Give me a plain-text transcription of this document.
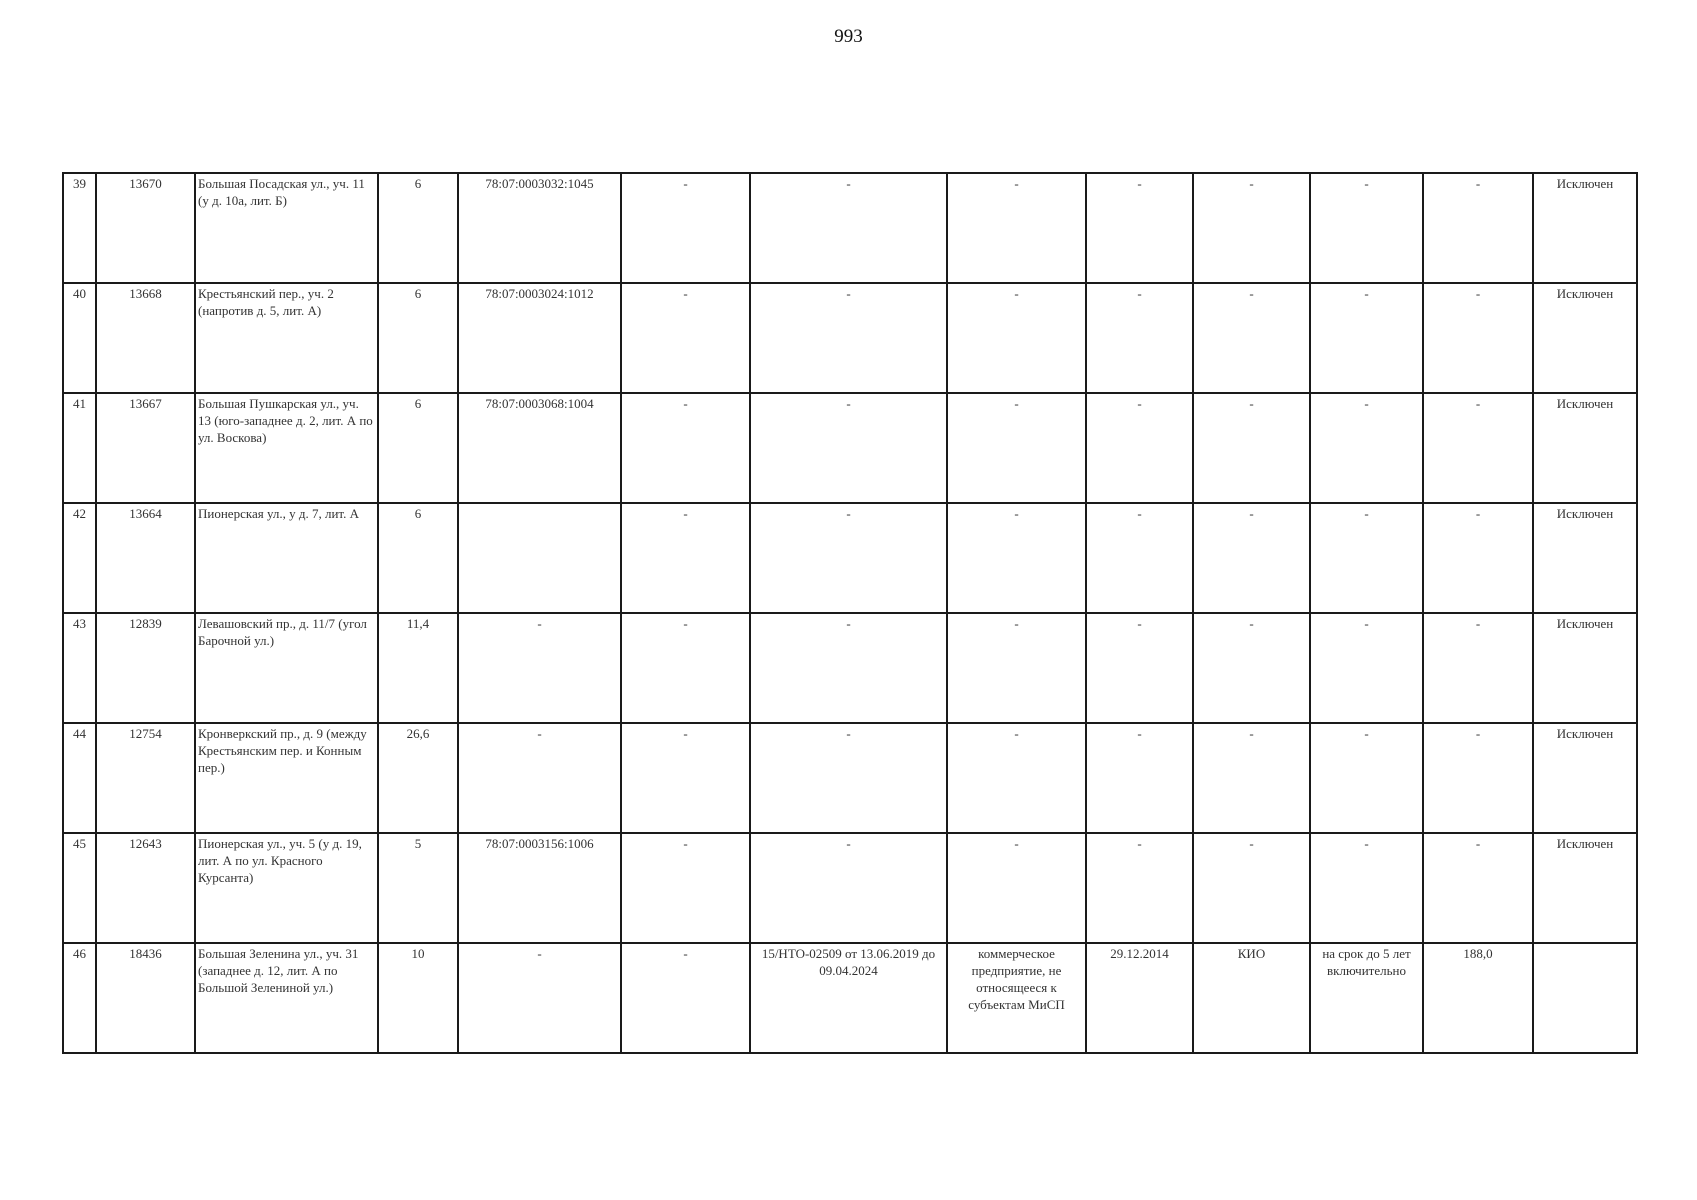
993
39	13670	Большая Посадская ул., уч. 11 (у д. 10а, лит. Б)	6	78:07:0003032:1045	-	-	-	-	-	-	-	Исключен
40	13668	Крестьянский пер., уч. 2 (напротив д. 5, лит. А)	6	78:07:0003024:1012	-	-	-	-	-	-	-	Исключен
41	13667	Большая Пушкарская ул., уч. 13 (юго-западнее д. 2, лит. А по ул. Воскова)	6	78:07:0003068:1004	-	-	-	-	-	-	-	Исключен
42	13664	Пионерская ул., у д. 7, лит. А	6		-	-	-	-	-	-	-	Исключен
43	12839	Левашовский пр., д. 11/7 (угол Барочной ул.)	11,4	-	-	-	-	-	-	-	-	Исключен
44	12754	Кронверкский пр., д. 9 (между Крестьянским пер. и Конным пер.)	26,6	-	-	-	-	-	-	-	-	Исключен
45	12643	Пионерская ул., уч. 5 (у д. 19, лит. А по ул. Красного Курсанта)	5	78:07:0003156:1006	-	-	-	-	-	-	-	Исключен
46	18436	Большая Зеленина ул., уч. 31 (западнее д. 12, лит. А по Большой Зелениной ул.)	10	-	-	15/НТО-02509 от 13.06.2019 до 09.04.2024	коммерческое предприятие, не относящееся к субъектам МиСП	29.12.2014	КИО	на срок до 5 лет включительно	188,0	
